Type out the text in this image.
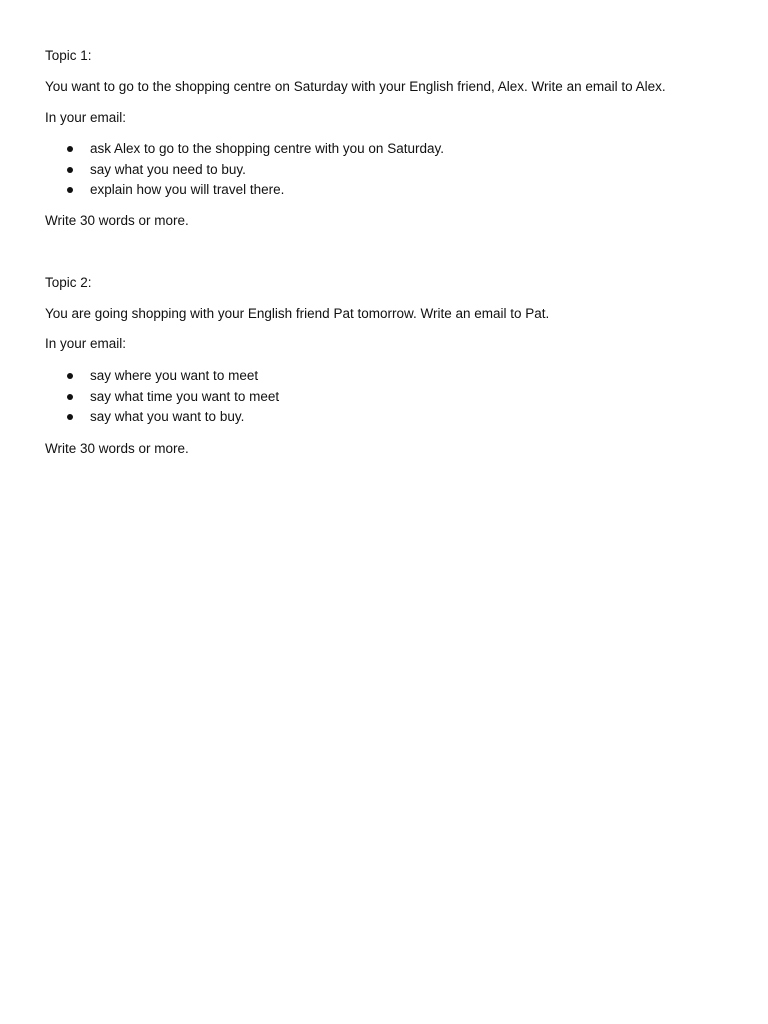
Topic 1:
You want to go to the shopping centre on Saturday with your English friend, Alex. Write an email to Alex.
In your email:
ask Alex to go to the shopping centre with you on Saturday.
say what you need to buy.
explain how you will travel there.
Write 30 words or more.
Topic 2:
You are going shopping with your English friend Pat tomorrow. Write an email to Pat.
In your email:
say where you want to meet
say what time you want to meet
say what you want to buy.
Write 30 words or more.
